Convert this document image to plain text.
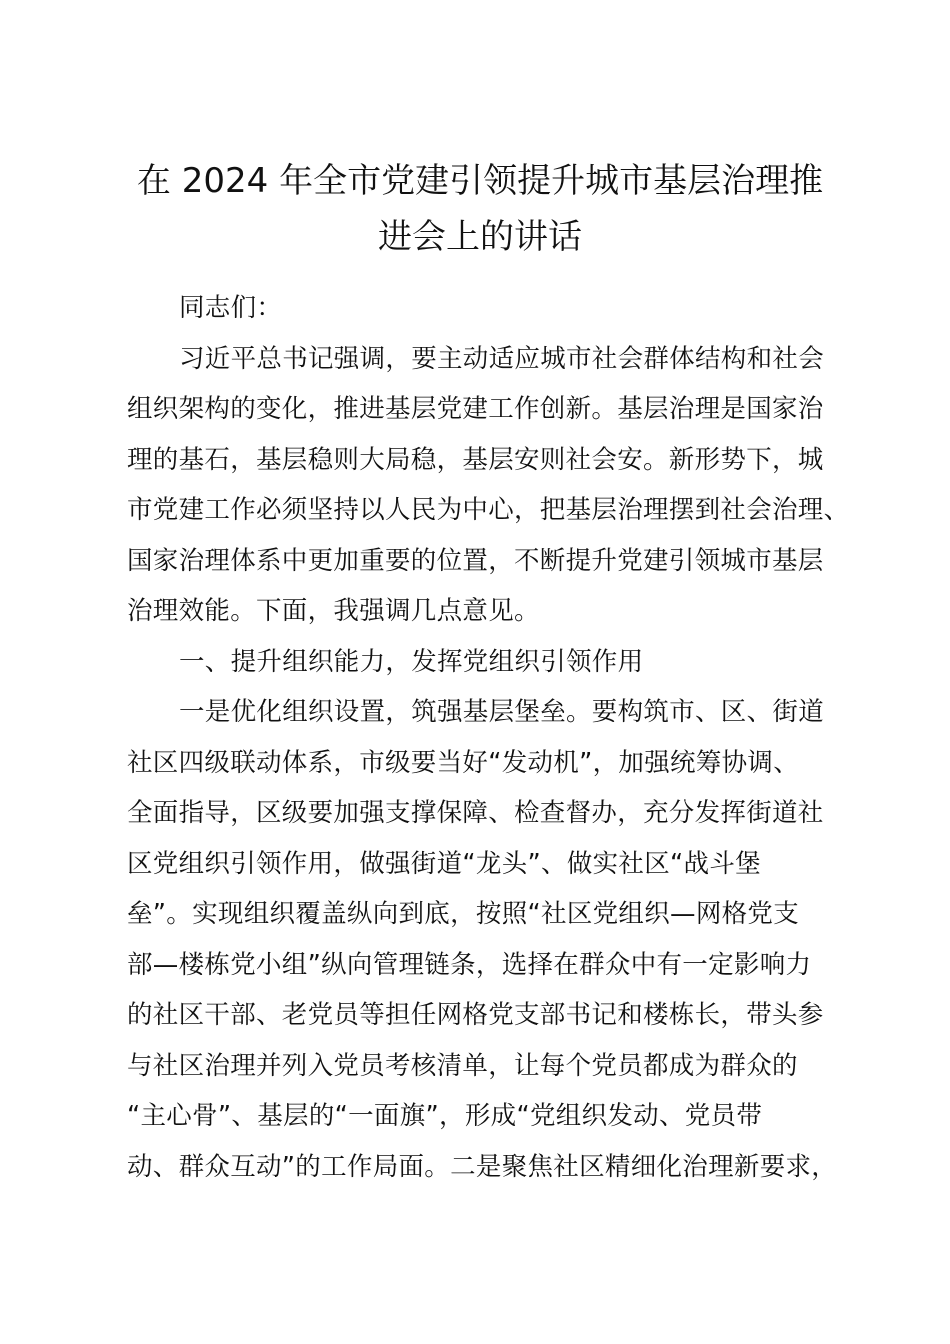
在 2024 年全市党建引领提升城市基层治理推
进会上的讲话
同志们：
习近平总书记强调，要主动适应城市社会群体结构和社会
组织架构的变化，推进基层党建工作创新。基层治理是国家治
理的基石，基层稳则大局稳，基层安则社会安。新形势下，城
市党建工作必须坚持以人民为中心，把基层治理摆到社会治理、
国家治理体系中更加重要的位置，不断提升党建引领城市基层
治理效能。下面，我强调几点意见。
一、提升组织能力，发挥党组织引领作用
一是优化组织设置，筑强基层堡垒。要构筑市、区、街道
社区四级联动体系，市级要当好“发动机”，加强统筹协调、
全面指导，区级要加强支撑保障、检查督办，充分发挥街道社
区党组织引领作用，做强街道“龙头”、做实社区“战斗堡
垒”。实现组织覆盖纵向到底，按照“社区党组织—网格党支
部—楼栋党小组”纵向管理链条，选择在群众中有一定影响力
的社区干部、老党员等担任网格党支部书记和楼栋长，带头参
与社区治理并列入党员考核清单，让每个党员都成为群众的
“主心骨”、基层的“一面旗”，形成“党组织发动、党员带
动、群众互动”的工作局面。二是聚焦社区精细化治理新要求，
